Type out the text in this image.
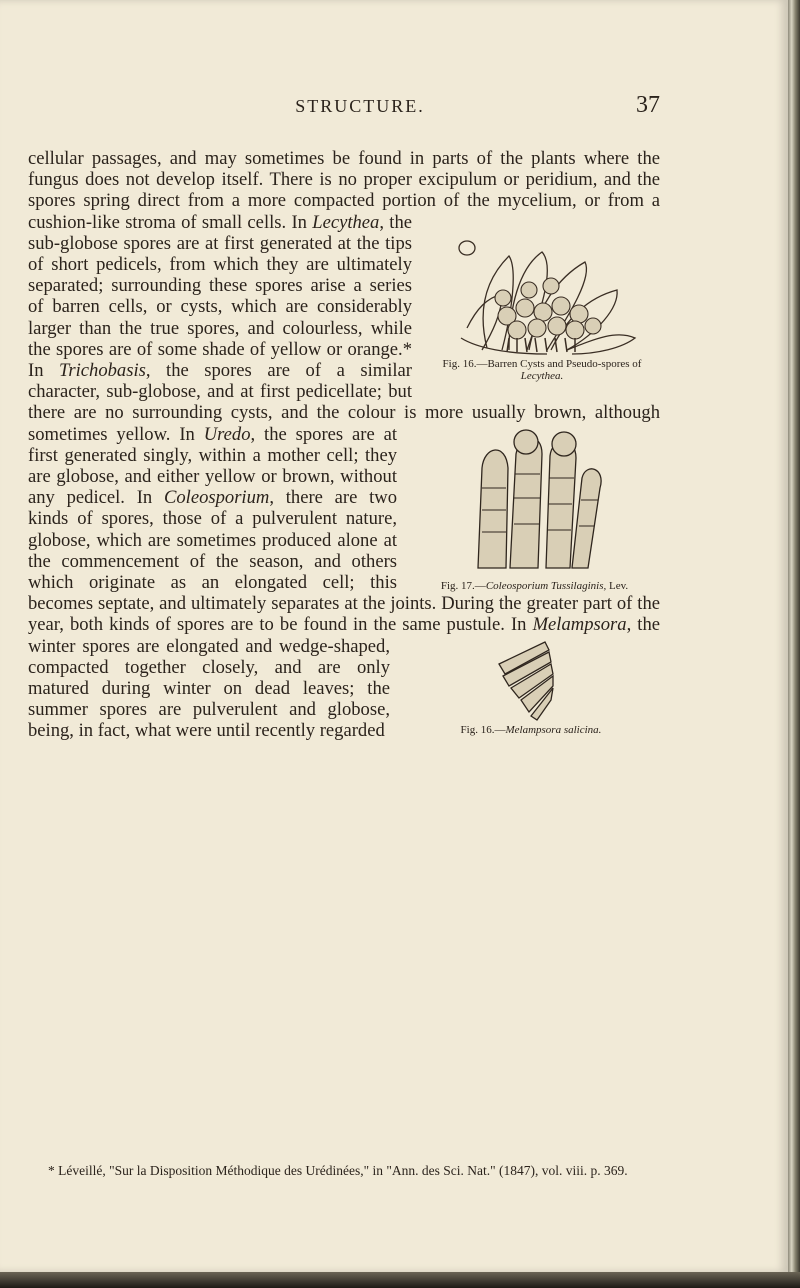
STRUCTURE.	37

cellular passages, and may sometimes be found in parts of the plants where the fungus does not develop itself. There is no proper excipulum or peridium, and the spores spring direct from a more compacted portion of the mycelium, or from a cushion-like stroma of small cells. In
Fig. 16.—Barren Cysts and Pseudo-spores of Lecythea.
Lecythea, the sub-globose spores are at first generated at the tips of short pedicels, from which they are ultimately separated; surrounding these spores arise a series of barren cells, or cysts, which are considerably larger than the true spores, and colourless, while the spores are of some shade of yellow or orange.* In Trichobasis, the spores are of a similar character, sub-globose, and at first pedicellate; but there are no surrounding cysts, and the colour is more usually brown, although sometimes yellow. In
Fig. 17.—Coleosporium Tussilaginis, Lev.
Uredo, the spores are at first generated singly, within a mother cell; they are globose, and either yellow or brown, without any pedicel. In Coleosporium, there are two kinds of spores, those of a pulverulent nature, globose, which are sometimes produced alone at the commencement of the season, and others which originate as an elongated cell; this becomes septate, and ultimately separates at the joints. During the greater part of the year, both kinds of spores are to be found in the same pustule. In
Fig. 16.—Melampsora salicina.
Melampsora, the winter spores are elongated and wedge-shaped, compacted together closely, and are only matured during winter on dead leaves; the summer spores are pulverulent and globose, being, in fact, what were until recently regarded

* Léveillé, "Sur la Disposition Méthodique des Urédinées," in "Ann. des Sci. Nat." (1847), vol. viii. p. 369.
